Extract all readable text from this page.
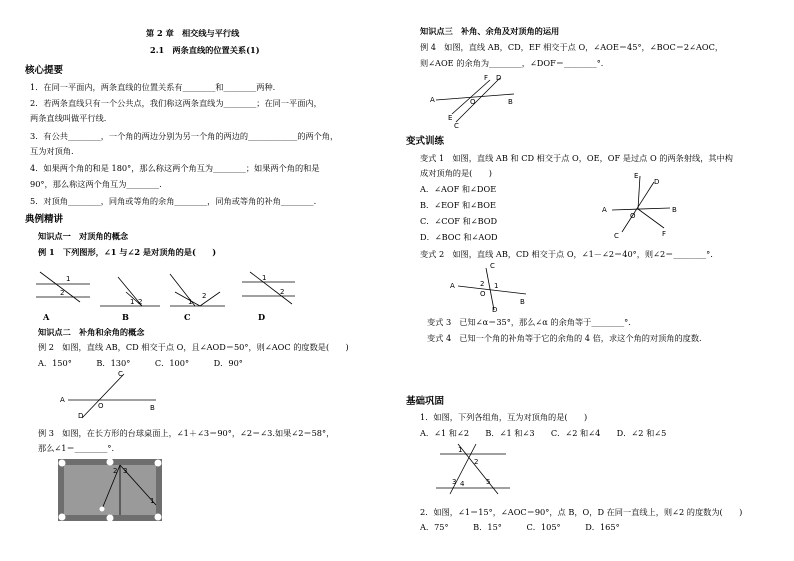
第 2 章　相交线与平行线
2.1　两条直线的位置关系(1)
核心提要
1．在同一平面内，两条直线的位置关系有________和________两种.
2．若两条直线只有一个公共点，我们称这两条直线为________；在同一平面内，
两条直线叫做平行线.
3．有公共________，一个角的两边分别为另一个角的两边的____________的两个角，
互为对顶角.
4．如果两个角的和是 180°，那么称这两个角互为________；如果两个角的和是
90°，那么称这两个角互为________.
5．对顶角________，同角或等角的余角________，同角或等角的补角________.
典例精讲
知识点一　对顶角的概念
例 1　下列图形，∠1 与∠2 是对顶角的是(　　)
1
2
1 2	1
2
1
2
A	B	C	D
知识点二　补角和余角的概念
例 2　如图，直线 AB，CD 相交于点 O，且∠AOD＝50°，则∠AOC 的度数是(　　)
A．150°　　　B．130°　　　C．100°　　　D．90°
A
B
C
D
O
例 3　如图，在长方形的台球桌面上，∠1＋∠3＝90°，∠2＝∠3.如果∠2＝58°，
那么∠1＝________°.
2 3
1
知识点三　补角、余角及对顶角的运用
例 4　如图，直线 AB，CD，EF 相交于点 O，∠AOE＝45°，∠BOC＝2∠AOC，
则∠AOE 的余角为________，∠DOF＝________°.
A	B
F D
E
C
O
变式训练
变式 1　如图，直线 AB 和 CD 相交于点 O，OE，OF 是过点 O 的两条射线，其中构
成对顶角的是(　　)
A．∠AOF 和∠DOE
B．∠EOF 和∠BOE
C．∠COF 和∠BOD
D．∠BOC 和∠AOD
A	B
E
D
C	F
O
变式 2　如图，直线 AB，CD 相交于点 O，∠1－∠2＝40°，则∠2＝________°.
A
B
C
D
O
1
2
变式 3　已知∠α＝35°，那么∠α 的余角等于________°.
变式 4　已知一个角的补角等于它的余角的 4 倍，求这个角的对顶角的度数.
基础巩固
1．如图，下列各组角，互为对顶角的是(　　)
A．∠1 和∠2　　B．∠1 和∠3　　C．∠2 和∠4　　D．∠2 和∠5
1
2
3 4	5
2．如图，∠1＝15°，∠AOC＝90°，点 B，O，D 在同一直线上，则∠2 的度数为(　　)
A．75°　　　B．15°　　　C．105°　　　D．165°
